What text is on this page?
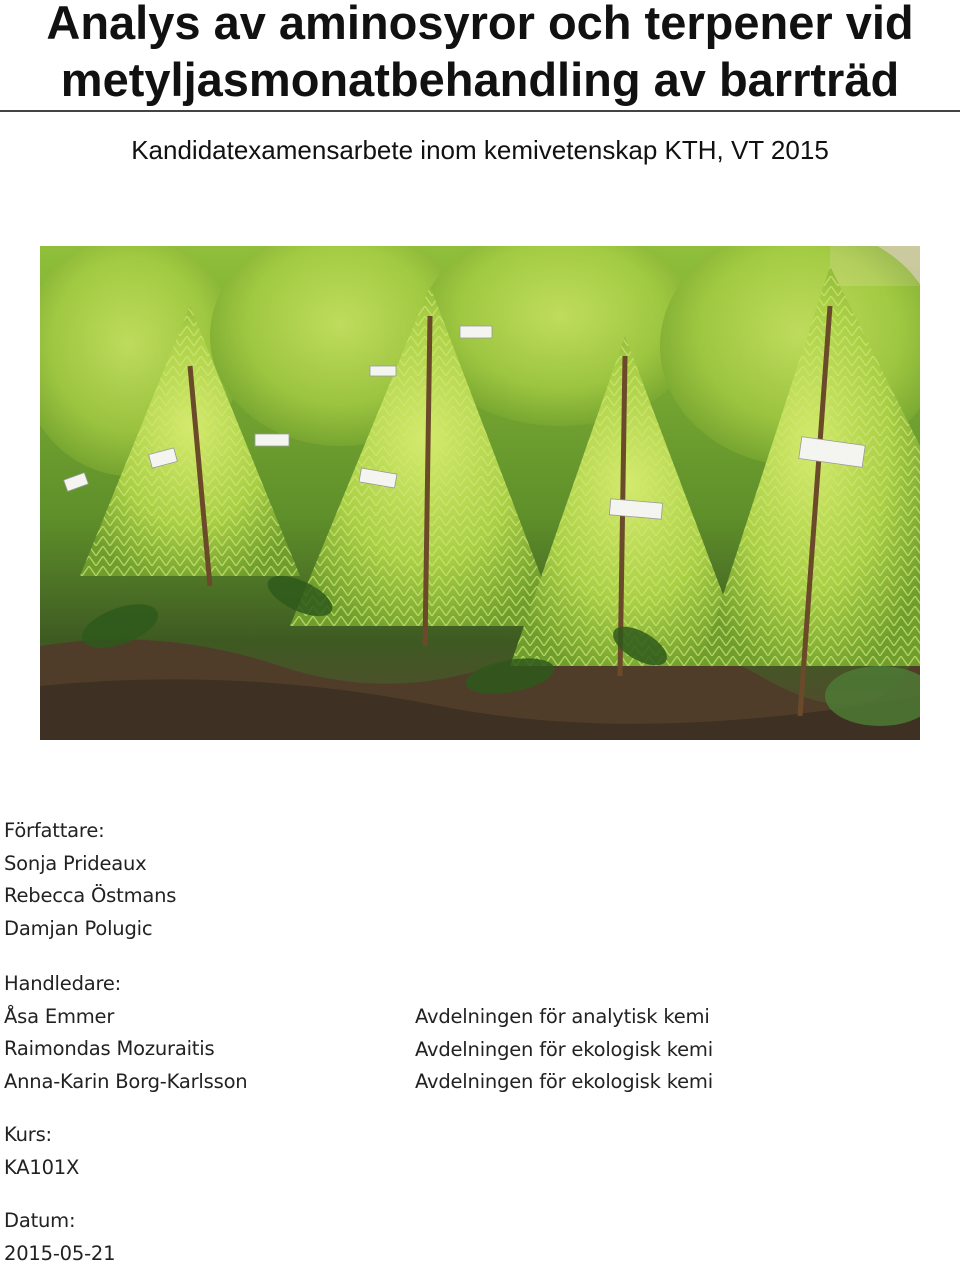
Analys av aminosyror och terpener vid
metyljasmonatbehandling av barrträd
Kandidatexamensarbete inom kemivetenskap KTH, VT 2015
Författare:
Sonja Prideaux
Rebecca Östmans
Damjan Polugic
Handledare:
Åsa Emmer
Raimondas Mozuraitis
Anna-Karin Borg-Karlsson
Avdelningen för analytisk kemi
Avdelningen för ekologisk kemi
Avdelningen för ekologisk kemi
Kurs:
KA101X
Datum:
2015-05-21
